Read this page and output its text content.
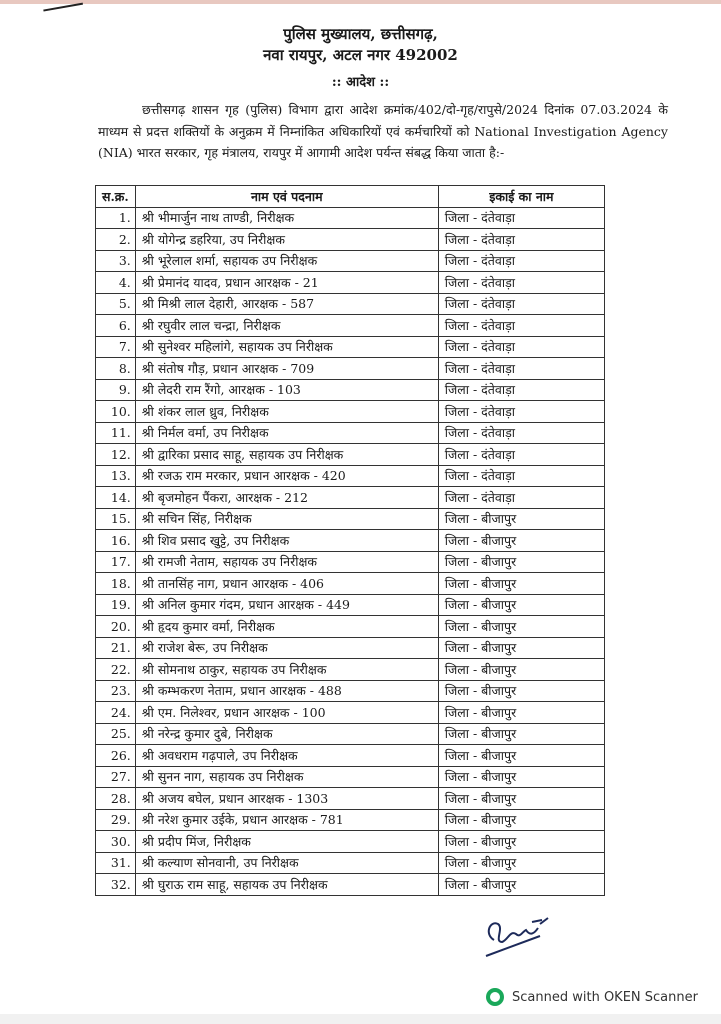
पुलिस मुख्यालय, छत्तीसगढ़,
नवा रायपुर, अटल नगर 492002
:: आदेश ::
छत्तीसगढ़ शासन गृह (पुलिस) विभाग द्वारा आदेश क्रमांक/402/दो-गृह/रापुसे/2024 दिनांक 07.03.2024 के माध्यम से प्रदत्त शक्तियों के अनुक्रम में निम्नांकित अधिकारियों एवं कर्मचारियों को National Investigation Agency (NIA) भारत सरकार, गृह मंत्रालय, रायपुर में आगामी आदेश पर्यन्त संबद्ध किया जाता है:-
स.क्र.	नाम एवं पदनाम	इकाई का नाम
1.	श्री भीमार्जुन नाथ ताण्डी, निरीक्षक	जिला - दंतेवाड़ा
2.	श्री योगेन्द्र डहरिया, उप निरीक्षक	जिला - दंतेवाड़ा
3.	श्री भूरेलाल शर्मा, सहायक उप निरीक्षक	जिला - दंतेवाड़ा
4.	श्री प्रेमानंद यादव, प्रधान आरक्षक - 21	जिला - दंतेवाड़ा
5.	श्री मिश्री लाल देहारी, आरक्षक - 587	जिला - दंतेवाड़ा
6.	श्री रघुवीर लाल चन्द्रा, निरीक्षक	जिला - दंतेवाड़ा
7.	श्री सुनेश्वर महिलांगे, सहायक उप निरीक्षक	जिला - दंतेवाड़ा
8.	श्री संतोष गौड़, प्रधान आरक्षक - 709	जिला - दंतेवाड़ा
9.	श्री लेदरी राम रैंगो, आरक्षक - 103	जिला - दंतेवाड़ा
10.	श्री शंकर लाल ध्रुव, निरीक्षक	जिला - दंतेवाड़ा
11.	श्री निर्मल वर्मा, उप निरीक्षक	जिला - दंतेवाड़ा
12.	श्री द्वारिका प्रसाद साहू, सहायक उप निरीक्षक	जिला - दंतेवाड़ा
13.	श्री रजऊ राम मरकार, प्रधान आरक्षक - 420	जिला - दंतेवाड़ा
14.	श्री बृजमोहन पैंकरा, आरक्षक - 212	जिला - दंतेवाड़ा
15.	श्री सचिन सिंह, निरीक्षक	जिला - बीजापुर
16.	श्री शिव प्रसाद खुट्टे, उप निरीक्षक	जिला - बीजापुर
17.	श्री रामजी नेताम, सहायक उप निरीक्षक	जिला - बीजापुर
18.	श्री तानसिंह नाग, प्रधान आरक्षक - 406	जिला - बीजापुर
19.	श्री अनिल कुमार गंदम, प्रधान आरक्षक - 449	जिला - बीजापुर
20.	श्री हृदय कुमार वर्मा, निरीक्षक	जिला - बीजापुर
21.	श्री राजेश बेरू, उप निरीक्षक	जिला - बीजापुर
22.	श्री सोमनाथ ठाकुर, सहायक उप निरीक्षक	जिला - बीजापुर
23.	श्री कम्भकरण नेताम, प्रधान आरक्षक - 488	जिला - बीजापुर
24.	श्री एम. निलेश्वर, प्रधान आरक्षक - 100	जिला - बीजापुर
25.	श्री नरेन्द्र कुमार दुबे, निरीक्षक	जिला - बीजापुर
26.	श्री अवधराम गढ़पाले, उप निरीक्षक	जिला - बीजापुर
27.	श्री सुनन नाग, सहायक उप निरीक्षक	जिला - बीजापुर
28.	श्री अजय बघेल, प्रधान आरक्षक - 1303	जिला - बीजापुर
29.	श्री नरेश कुमार उईके, प्रधान आरक्षक - 781	जिला - बीजापुर
30.	श्री प्रदीप मिंज, निरीक्षक	जिला - बीजापुर
31.	श्री कल्याण सोनवानी, उप निरीक्षक	जिला - बीजापुर
32.	श्री घुराऊ राम साहू, सहायक उप निरीक्षक	जिला - बीजापुर
Scanned with OKEN Scanner
